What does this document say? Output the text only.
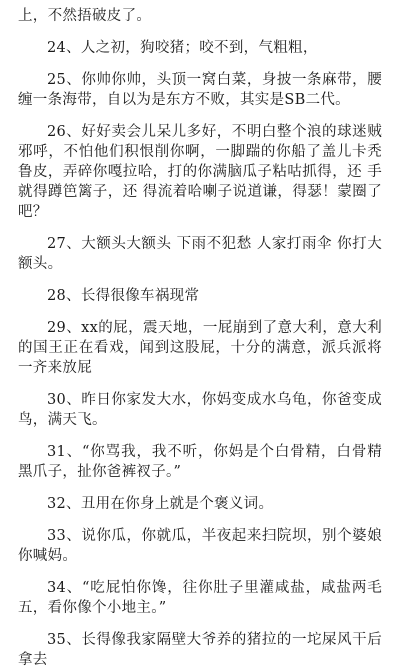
上，不然捂破皮了。

24、人之初，狗咬猪；咬不到，气粗粗，

25、你帅你帅，头顶一窝白菜，身披一条麻带，腰缠一条海带，自以为是东方不败，其实是SB二代。

26、好好卖会儿呆儿多好，不明白整个浪的球迷贼邪呼，不怕他们积恨削你啊，一脚踹的你船了盖儿卡秃鲁皮，弄碎你嘎拉哈，打的你满脑瓜子粘咕抓得，还 手就得蹲笆篱子，还 得流着哈喇子说道谦，得瑟！蒙圈了吧？

27、大额头大额头 下雨不犯愁 人家打雨伞 你打大额头。

28、长得很像车祸现常

29、xx的屁，震天地，一屁崩到了意大利，意大利的国王正在看戏，闻到这股屁，十分的满意，派兵派将一齐来放屁

30、昨日你家发大水，你妈变成水乌龟，你爸变成鸟，满天飞。

31、“你骂我，我不听，你妈是个白骨精，白骨精黑爪子，扯你爸裤衩子。”

32、丑用在你身上就是个褒义词。

33、说你瓜，你就瓜，半夜起来扫院坝，别个婆娘你喊妈。

34、“吃屁怕你馋，往你肚子里灌咸盐，咸盐两毛五，看你像个小地主。”

35、长得像我家隔壁大爷养的猪拉的一坨屎风干后拿去
